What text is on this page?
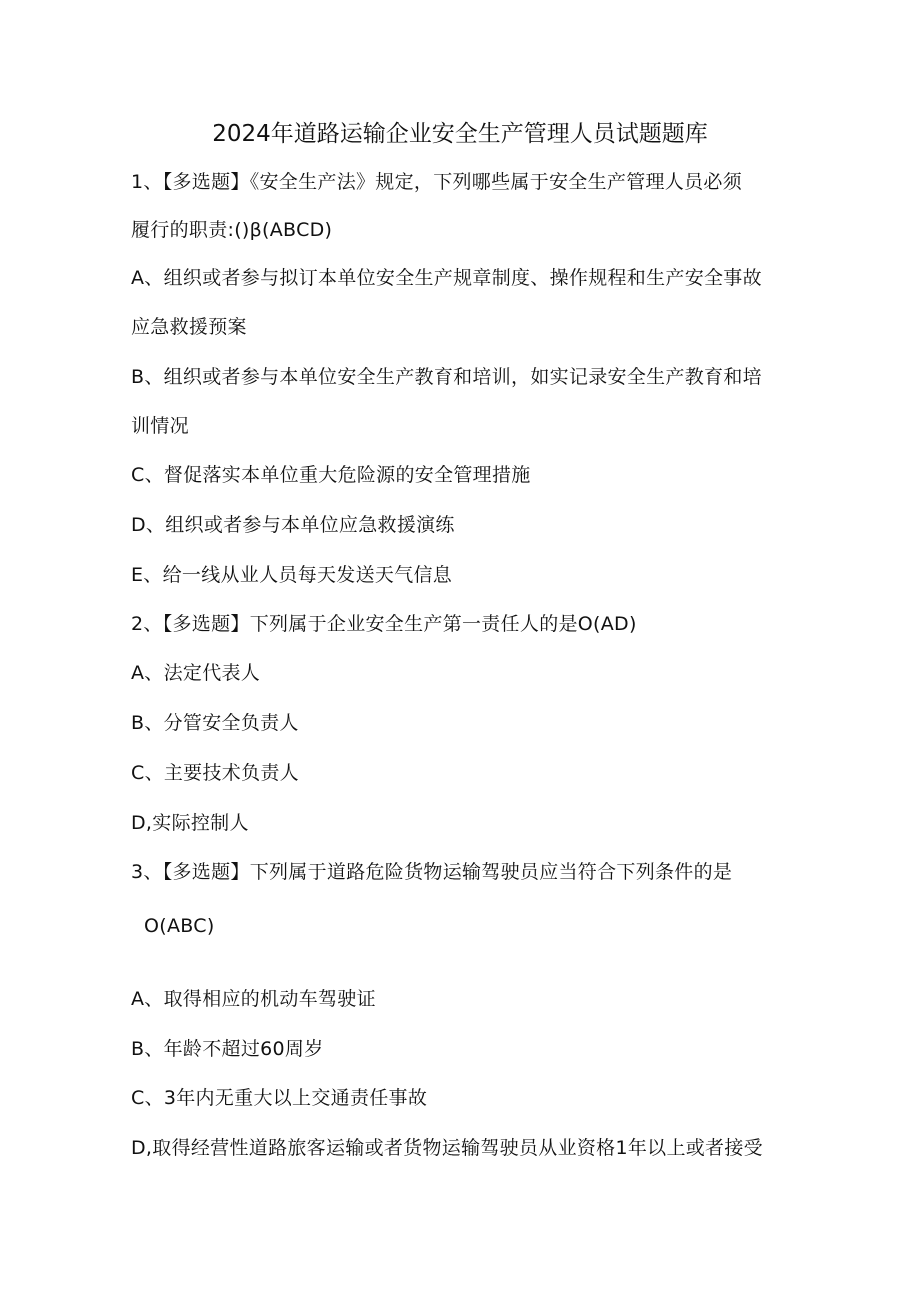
2024年道路运输企业安全生产管理人员试题题库
1、【多选题】《安全生产法》规定，下列哪些属于安全生产管理人员必须
履行的职责:()β(ABCD)
A、组织或者参与拟订本单位安全生产规章制度、操作规程和生产安全事故
应急救援预案
B、组织或者参与本单位安全生产教育和培训，如实记录安全生产教育和培
训情况
C、督促落实本单位重大危险源的安全管理措施
D、组织或者参与本单位应急救援演练
E、给一线从业人员每天发送天气信息
2、【多选题】下列属于企业安全生产第一责任人的是O(AD)
A、法定代表人
B、分管安全负责人
C、主要技术负责人
D,实际控制人
3、【多选题】下列属于道路危险货物运输驾驶员应当符合下列条件的是
O(ABC)
A、取得相应的机动车驾驶证
B、年龄不超过60周岁
C、3年内无重大以上交通责任事故
D,取得经营性道路旅客运输或者货物运输驾驶员从业资格1年以上或者接受
